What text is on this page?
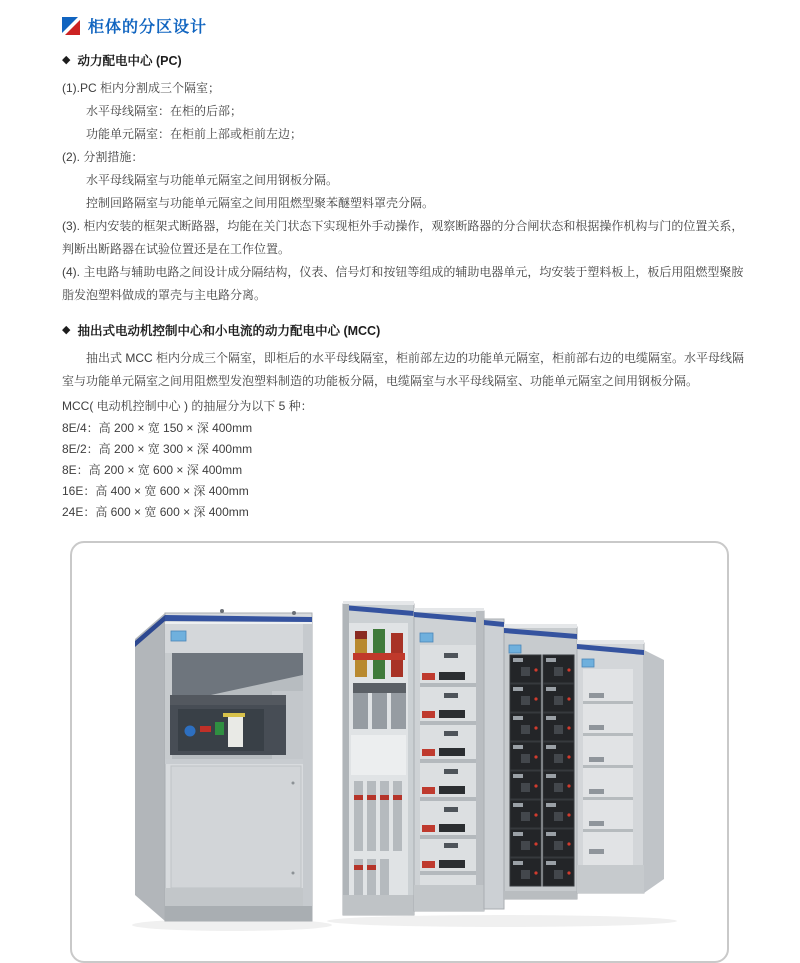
柜体的分区设计
◆ 动力配电中心 (PC)

(1).PC 柜内分割成三个隔室；

水平母线隔室：在柜的后部；

功能单元隔室：在柜前上部或柜前左边；

(2). 分割措施：

水平母线隔室与功能单元隔室之间用钢板分隔。

控制回路隔室与功能单元隔室之间用阻燃型聚苯醚塑料罩壳分隔。

(3). 柜内安装的框架式断路器，均能在关门状态下实现柜外手动操作，观察断路器的分合闸状态和根据操作机构与门的位置关系，判断出断路器在试验位置还是在工作位置。

(4). 主电路与辅助电路之间设计成分隔结构，仪表、信号灯和按钮等组成的辅助电器单元，均安装于塑料板上，板后用阻燃型聚胺脂发泡塑料做成的罩壳与主电路分离。

◆ 抽出式电动机控制中心和小电流的动力配电中心 (MCC)

抽出式 MCC 柜内分成三个隔室，即柜后的水平母线隔室，柜前部左边的功能单元隔室，柜前部右边的电缆隔室。水平母线隔室与功能单元隔室之间用阻燃型发泡塑料制造的功能板分隔，电缆隔室与水平母线隔室、功能单元隔室之间用钢板分隔。

MCC( 电动机控制中心 ) 的抽屉分为以下 5 种：

8E/4：高 200 × 宽 150 × 深 400mm

8E/2：高 200 × 宽 300 × 深 400mm

8E：高 200 × 宽 600 × 深 400mm

16E：高 400 × 宽 600 × 深 400mm

24E：高 600 × 宽 600 × 深 400mm
